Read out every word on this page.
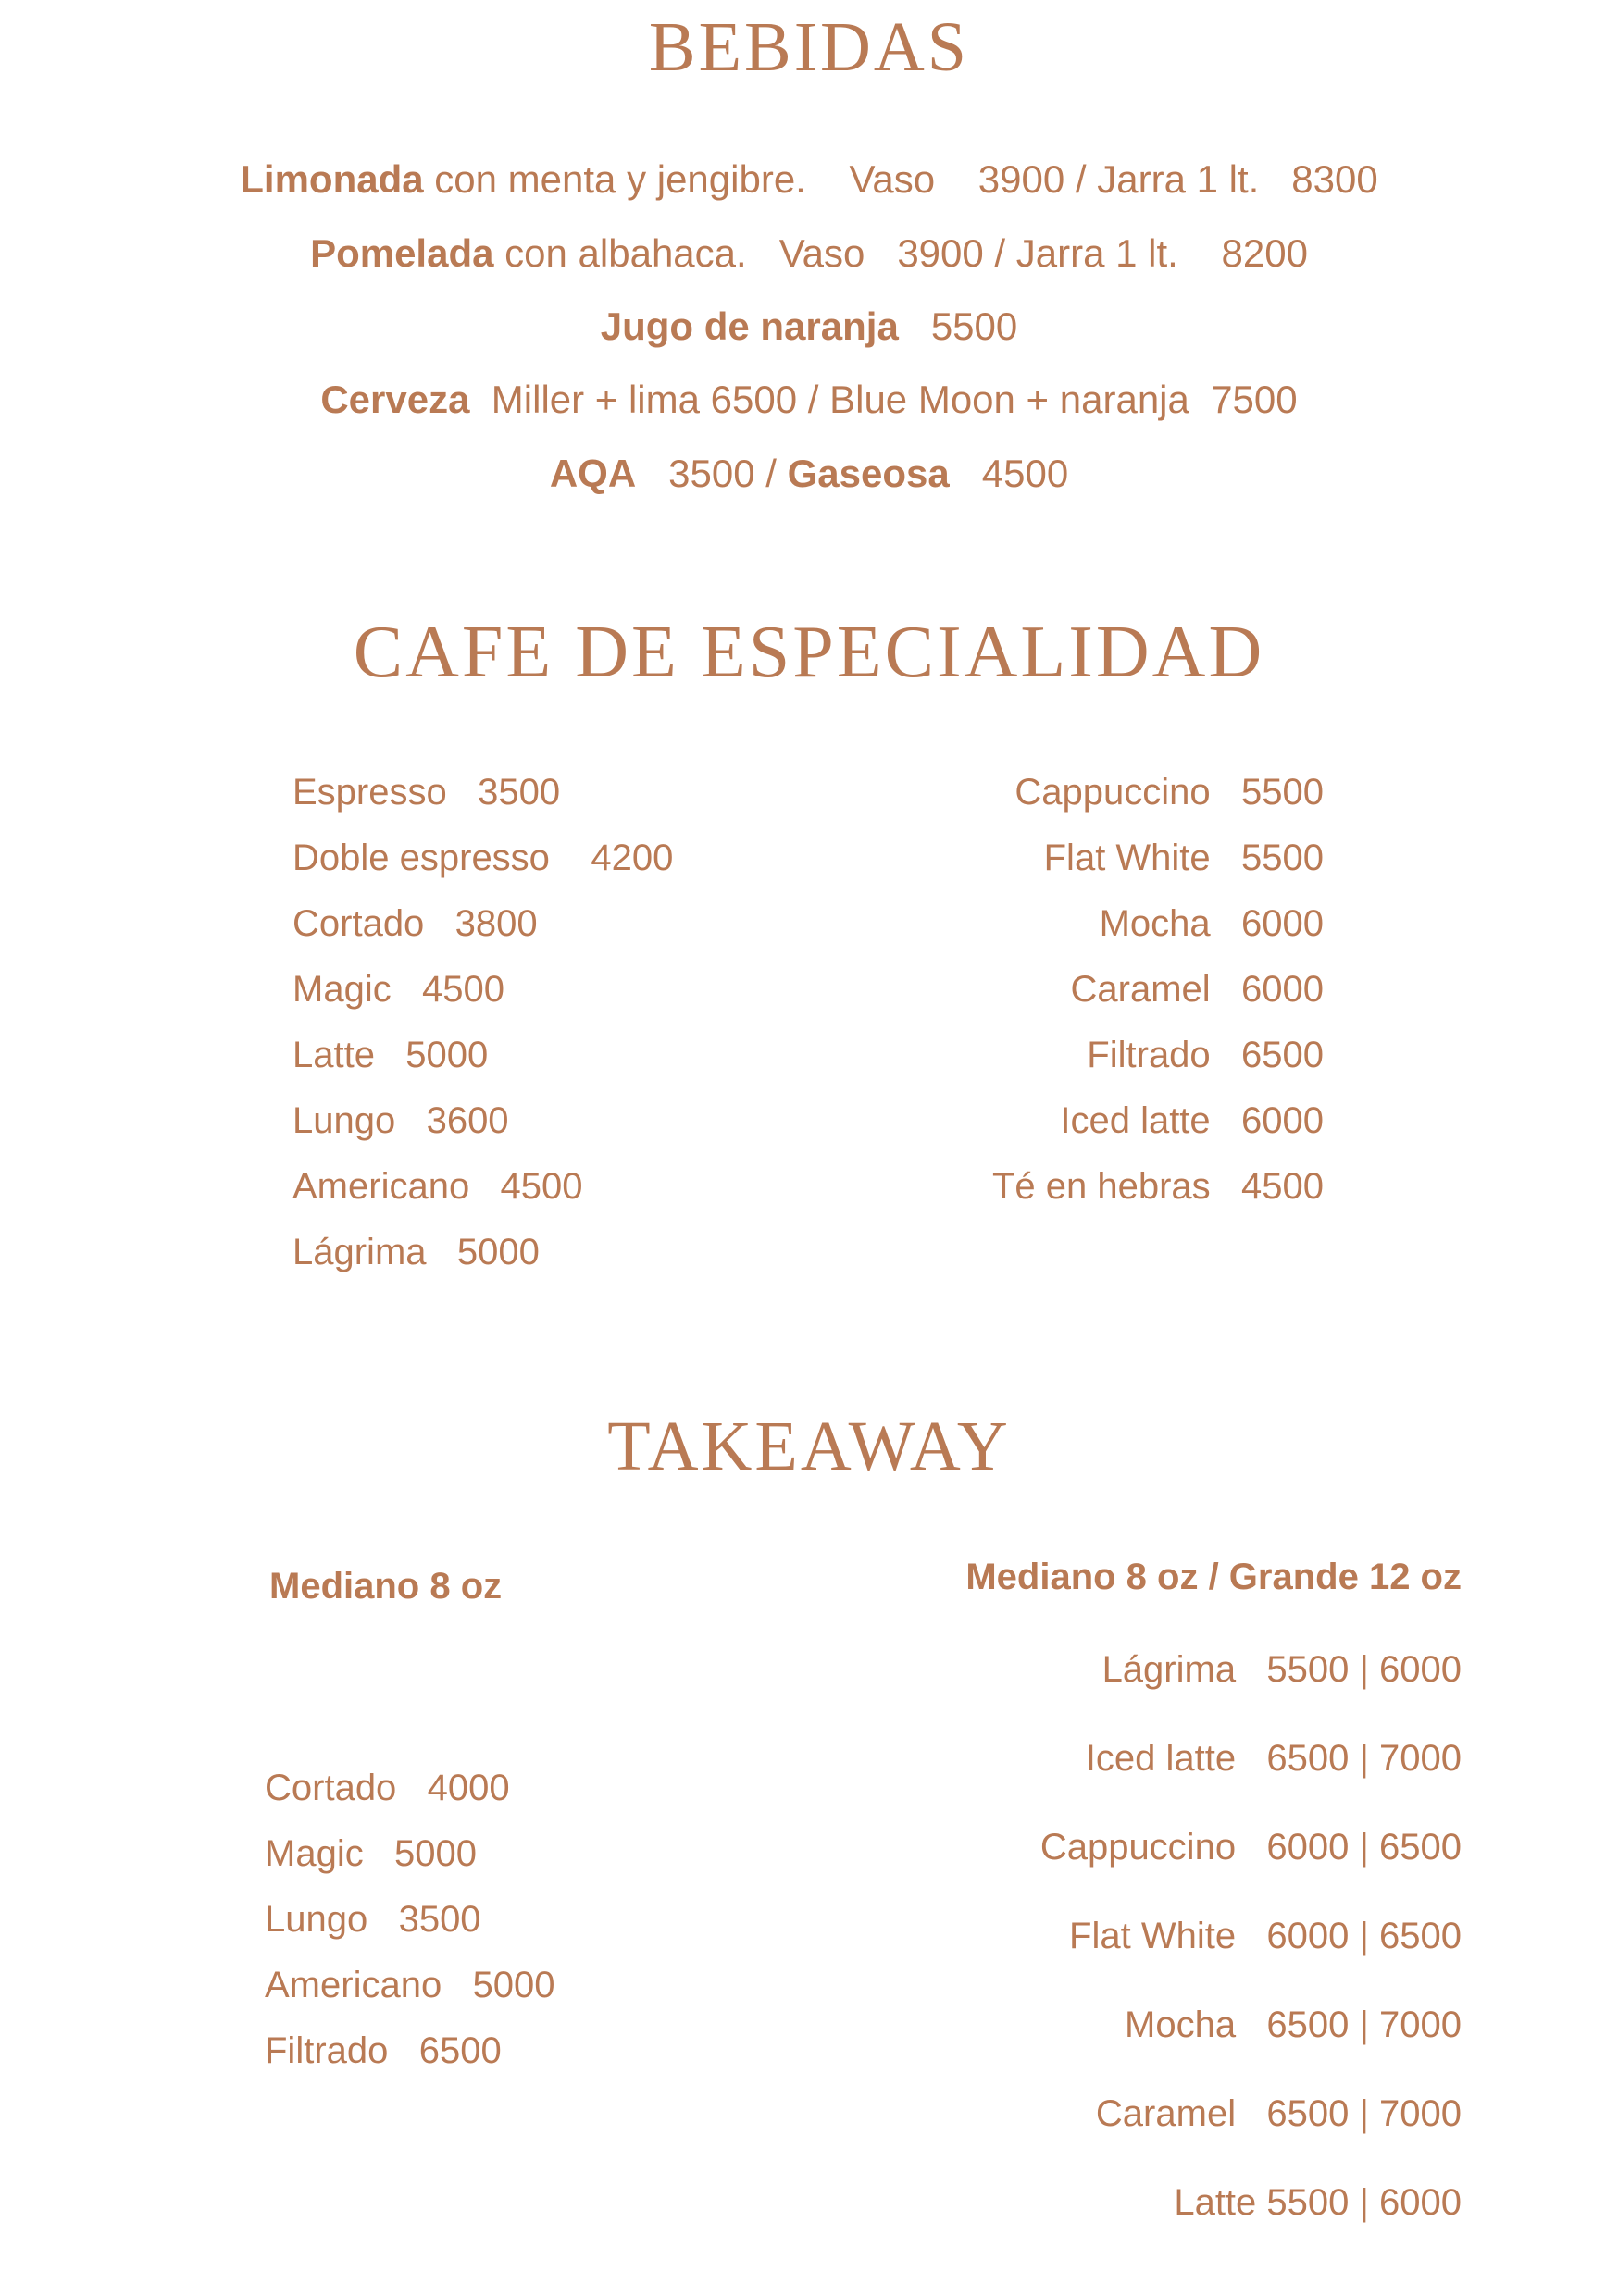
BEBIDAS
Limonada con menta y jengibre.    Vaso    3900 / Jarra 1 lt.   8300
Pomelada con albahaca.   Vaso   3900 / Jarra 1 lt.    8200
Jugo de naranja   5500
Cerveza  Miller + lima 6500 / Blue Moon + naranja  7500
AQA   3500 / Gaseosa   4500
CAFE DE ESPECIALIDAD

Espresso   3500

Doble espresso    4200

Cortado   3800

Magic   4500

Latte   5000

Lungo   3600

Americano   4500

Lágrima   5000

Cappuccino   5500

Flat White   5500

Mocha   6000

Caramel   6000

Filtrado   6500

Iced latte   6000

Té en hebras   4500

TAKEAWAY
Mediano 8 oz	Mediano 8 oz / Grande 12 oz

Cortado   4000

Magic   5000

Lungo   3500

Americano   5000

Filtrado   6500

Lágrima   5500 | 6000

Iced latte   6500 | 7000

Cappuccino   6000 | 6500

Flat White   6000 | 6500

Mocha   6500 | 7000

Caramel   6500 | 7000

Latte 5500 | 6000
